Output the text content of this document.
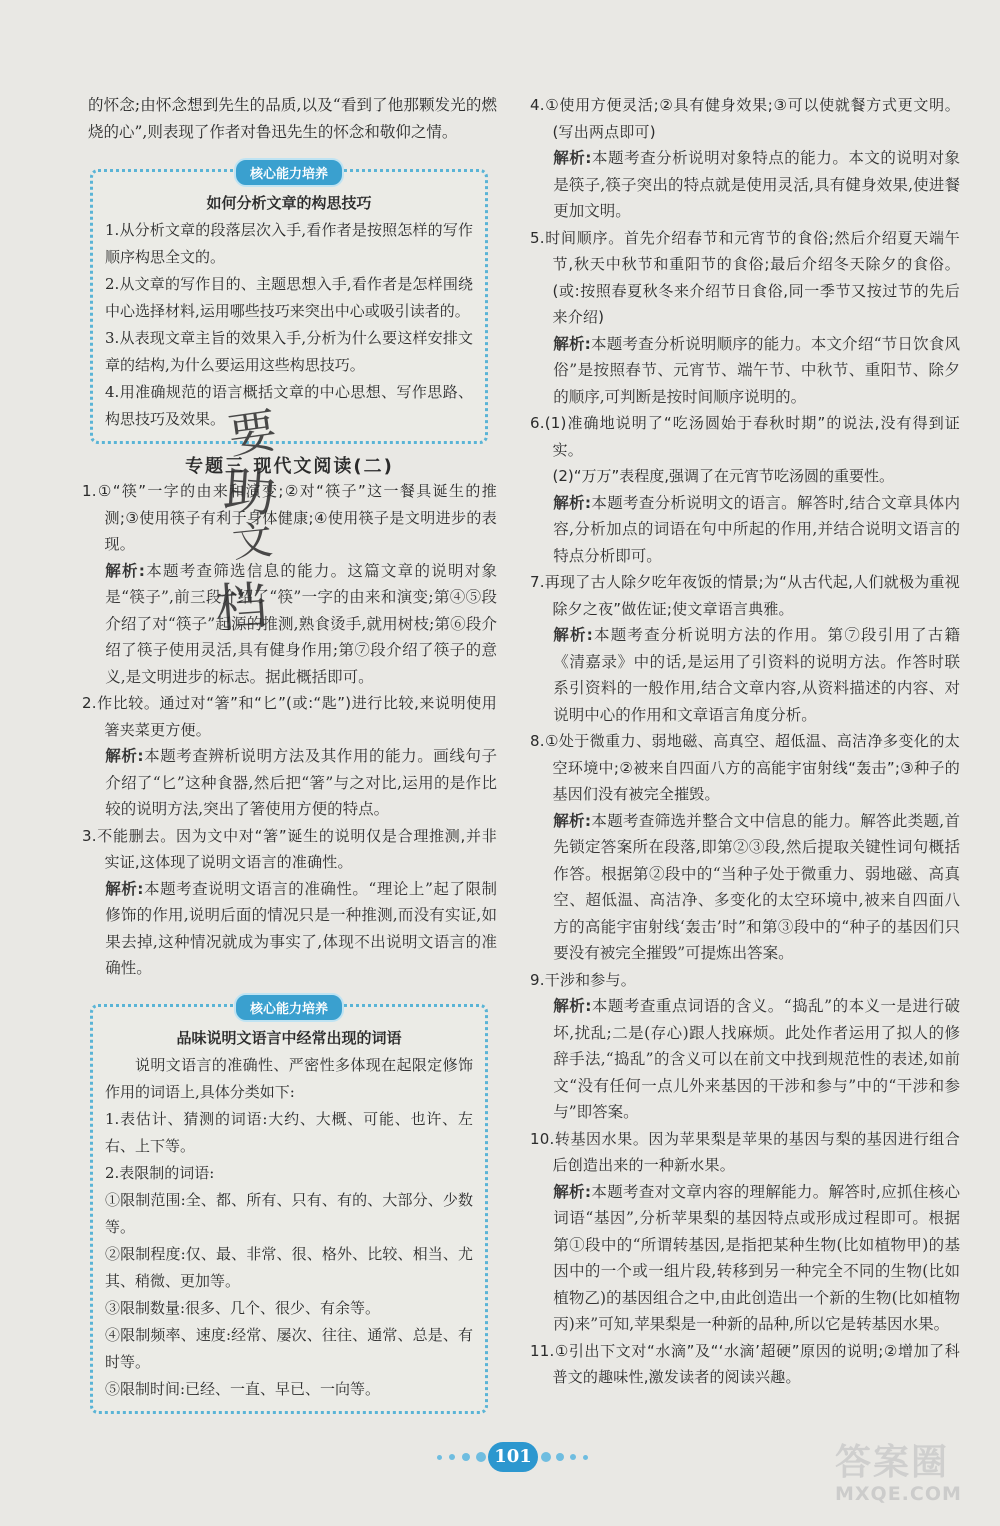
的怀念;由怀念想到先生的品质,以及“看到了他那颗发光的燃烧的心”,则表现了作者对鲁迅先生的怀念和敬仰之情。

核心能力培养
如何分析文章的构思技巧

1.从分析文章的段落层次入手,看作者是按照怎样的写作顺序构思全文的。

2.从文章的写作目的、主题思想入手,看作者是怎样围绕中心选择材料,运用哪些技巧来突出中心或吸引读者的。

3.从表现文章主旨的效果入手,分析为什么要这样安排文章的结构,为什么要运用这些构思技巧。

4.用准确规范的语言概括文章的中心思想、写作思路、构思技巧及效果。

专题三 现代文阅读(二)

1.①“筷”一字的由来和演变;②对“筷子”这一餐具诞生的推测;③使用筷子有利于身体健康;④使用筷子是文明进步的表现。

解析:本题考查筛选信息的能力。这篇文章的说明对象是“筷子”,前三段介绍了“筷”一字的由来和演变;第④⑤段介绍了对“筷子”起源的推测,熟食烫手,就用树枝;第⑥段介绍了筷子使用灵活,具有健身作用;第⑦段介绍了筷子的意义,是文明进步的标志。据此概括即可。

2.作比较。通过对“箸”和“匕”(或:“匙”)进行比较,来说明使用箸夹菜更方便。

解析:本题考查辨析说明方法及其作用的能力。画线句子介绍了“匕”这种食器,然后把“箸”与之对比,运用的是作比较的说明方法,突出了箸使用方便的特点。

3.不能删去。因为文中对“箸”诞生的说明仅是合理推测,并非实证,这体现了说明文语言的准确性。

解析:本题考查说明文语言的准确性。“理论上”起了限制修饰的作用,说明后面的情况只是一种推测,而没有实证,如果去掉,这种情况就成为事实了,体现不出说明文语言的准确性。

核心能力培养
品味说明文语言中经常出现的词语

说明文语言的准确性、严密性多体现在起限定修饰作用的词语上,具体分类如下:

1.表估计、猜测的词语:大约、大概、可能、也许、左右、上下等。

2.表限制的词语:

①限制范围:全、都、所有、只有、有的、大部分、少数等。

②限制程度:仅、最、非常、很、格外、比较、相当、尤其、稍微、更加等。

③限制数量:很多、几个、很少、有余等。

④限制频率、速度:经常、屡次、往往、通常、总是、有时等。

⑤限制时间:已经、一直、早已、一向等。

4.①使用方便灵活;②具有健身效果;③可以使就餐方式更文明。(写出两点即可)

解析:本题考查分析说明对象特点的能力。本文的说明对象是筷子,筷子突出的特点就是使用灵活,具有健身效果,使进餐更加文明。

5.时间顺序。首先介绍春节和元宵节的食俗;然后介绍夏天端午节,秋天中秋节和重阳节的食俗;最后介绍冬天除夕的食俗。(或:按照春夏秋冬来介绍节日食俗,同一季节又按过节的先后来介绍)

解析:本题考查分析说明顺序的能力。本文介绍“节日饮食风俗”是按照春节、元宵节、端午节、中秋节、重阳节、除夕的顺序,可判断是按时间顺序说明的。

6.(1)准确地说明了“吃汤圆始于春秋时期”的说法,没有得到证实。

(2)“万万”表程度,强调了在元宵节吃汤圆的重要性。

解析:本题考查分析说明文的语言。解答时,结合文章具体内容,分析加点的词语在句中所起的作用,并结合说明文语言的特点分析即可。

7.再现了古人除夕吃年夜饭的情景;为“从古代起,人们就极为重视除夕之夜”做佐证;使文章语言典雅。

解析:本题考查分析说明方法的作用。第⑦段引用了古籍《清嘉录》中的话,是运用了引资料的说明方法。作答时联系引资料的一般作用,结合文章内容,从资料描述的内容、对说明中心的作用和文章语言角度分析。

8.①处于微重力、弱地磁、高真空、超低温、高洁净多变化的太空环境中;②被来自四面八方的高能宇宙射线“轰击”;③种子的基因们没有被完全摧毁。

解析:本题考查筛选并整合文中信息的能力。解答此类题,首先锁定答案所在段落,即第②③段,然后提取关键性词句概括作答。根据第②段中的“当种子处于微重力、弱地磁、高真空、超低温、高洁净、多变化的太空环境中,被来自四面八方的高能宇宙射线‘轰击’时”和第③段中的“种子的基因们只要没有被完全摧毁”可提炼出答案。

9.干涉和参与。

解析:本题考查重点词语的含义。“捣乱”的本义一是进行破坏,扰乱;二是(存心)跟人找麻烦。此处作者运用了拟人的修辞手法,“捣乱”的含义可以在前文中找到规范性的表述,如前文“没有任何一点儿外来基因的干涉和参与”中的“干涉和参与”即答案。

10.转基因水果。因为苹果梨是苹果的基因与梨的基因进行组合后创造出来的一种新水果。

解析:本题考查对文章内容的理解能力。解答时,应抓住核心词语“基因”,分析苹果梨的基因特点或形成过程即可。根据第①段中的“所谓转基因,是指把某种生物(比如植物甲)的基因中的一个或一组片段,转移到另一种完全不同的生物(比如植物乙)的基因组合之中,由此创造出一个新的生物(比如植物丙)来”可知,苹果梨是一种新的品种,所以它是转基因水果。

11.①引出下文对“水滴”及“‘水滴’超硬”原因的说明;②增加了科普文的趣味性,激发读者的阅读兴趣。

要
助
文
档
101	答案圈
MXQE.COM
